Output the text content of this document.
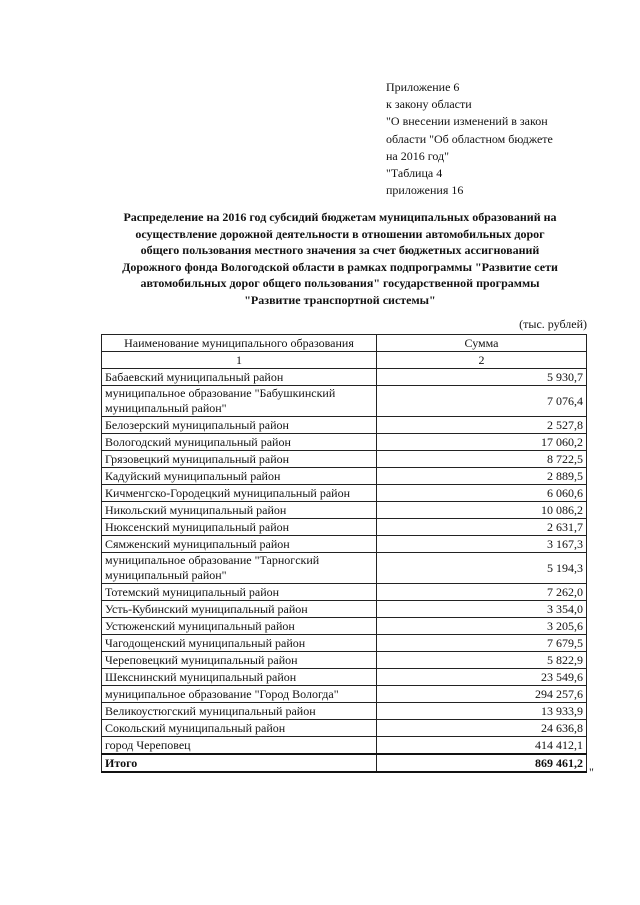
Приложение 6
к закону области
"О внесении изменений в закон
области "Об областном бюджете
на 2016 год"
"Таблица 4
приложения 16
Распределение на 2016 год субсидий бюджетам муниципальных образований на
осуществление дорожной деятельности в отношении автомобильных дорог
общего пользования местного значения за счет бюджетных ассигнований
Дорожного фонда Вологодской области в рамках подпрограммы "Развитие сети
автомобильных дорог общего пользования" государственной программы
"Развитие транспортной системы"
(тыс. рублей)
Наименование муниципального образования	Сумма
1	2
Бабаевский муниципальный район	5 930,7
муниципальное образование "Бабушкинский муниципальный район"	7 076,4
Белозерский муниципальный район	2 527,8
Вологодский муниципальный район	17 060,2
Грязовецкий муниципальный район	8 722,5
Кадуйский муниципальный район	2 889,5
Кичменгско-Городецкий муниципальный район	6 060,6
Никольский муниципальный район	10 086,2
Нюксенский муниципальный район	2 631,7
Сямженский муниципальный район	3 167,3
муниципальное образование "Тарногский муниципальный район"	5 194,3
Тотемский муниципальный район	7 262,0
Усть-Кубинский муниципальный район	3 354,0
Устюженский муниципальный район	3 205,6
Чагодощенский муниципальный район	7 679,5
Череповецкий муниципальный район	5 822,9
Шекснинский муниципальный район	23 549,6
муниципальное образование "Город Вологда"	294 257,6
Великоустюгский муниципальный район	13 933,9
Сокольский муниципальный район	24 636,8
город Череповец	414 412,1
Итого	869 461,2
"
